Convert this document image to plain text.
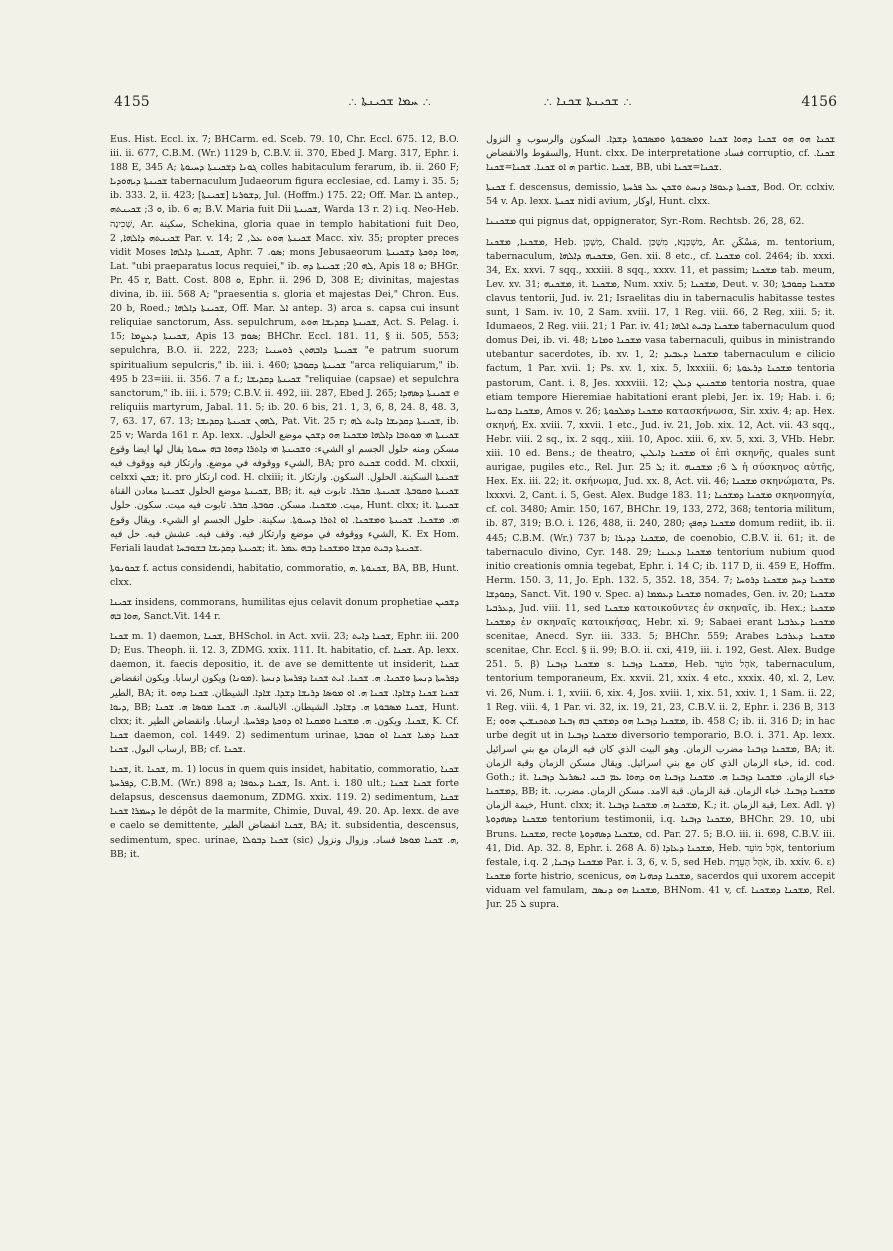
4155	∴ ܚܡܐ ܫܟܝܢܬܐ ∴	∴ ܫܟܝܢܬܐ ܫܟܢܐ ∴	4156

Eus. Hist. Eccl. ix. 7; BHCarm. ed. Sceb. 79. 10, Chr. Eccl. 675. 12, B.O. iii. ii. 677, C.B.M. (Wr.) 1129 b, C.B.V. ii. 370, Ebed J. Marg. 317, Ephr. i. 188 E, 345 A; ܓܘܢܐ ܕܫܟܝܢܬܐ ܕܚܝܘܬܐ colles habitaculum ferarum, ib. ii. 260 F; ܫܟܝܢܬܐ ܕܝܗܘܕܝܐ tabernaculum Judaeorum figura ecclesiae, cd. Lamy i. 35. 5; ib. 333. 2, ii. 423; [ܫܟܝܢܬܐ] ܕܫܘܪܝܐ, Jul. (Hoffm.) 175. 22; Off. Mar. ܠܐ antep., ܘ 3; ܫܟܝܢܬܗ, ib. ܗ 6; B.V. Maria fuit Dii ܫܟܝܢܬܐ, Warda 13 r. 2) i.q. Neo-Heb. שְׁכִינָה, Ar. سكينة, Schekina, gloria quae in templo habitationi fuit Deo, ܫܟܝܢܬܗ ܕܐܠܗܐ, 2 Par. v. 14; ܫܟܝܢܬܐ ܗܘܬ ܥܠ, 2 Macc. xiv. 35; propter preces vidit Moses ܫܟܝܢܬܐ ܕܐܠܗܐ, Aphr. ܣܘ. 7; mons Jebusaeorum ܗܘܐ ܕܘܟܬܐ ܕܫܟܝܢܬܐ, Lat. "ubi praeparatus locus requiei," ib. ܠܗ 20; ܫܟܝܢܬܐ ܕܗ, Apis ܘ 18; BHGr. Pr. 45 r, Batt. Cost. ܘ 808, Ephr. ii. 296 D, 308 E; divinitas, majestas divina, ib. iii. 568 A; "praesentia s. gloria et majestas Dei," Chron. Eus. 20 b, Roed.; ܫܟܝܢܬܐ ܕܐܠܗܐ, Off. Mar. ܐܠ antep. 3) arca s. capsa cui insunt reliquiae sanctorum, Ass. sepulchrum, ܫܟܝܢܬܐ ܕܩܕܝܫܐ ܗܘܬ, Act. S. Pelag. i. 15; ܫܟܝܢܬܐ ܕܥܨܡܐ, Apis ܣܘܡ 13; BHChr. Eccl. 181. 11, § ii. 505, 553; sepulchra, B.O. ii. 222, 223; ܫܟܝܢܬܐ ܕܐܒܗܬܢ ܪܘܚܢܝܐ "e patrum suorum spiritualium sepulcris," ib. iii. i. 460; ܫܟܝܢܬܐ ܕܩܘܒܬܐ "arca reliquiarum," ib. 495 b 23=iii. ii. 356. 7 a f.; ܫܟܝܢܬܐ ܕܩܕܝܫܐ "reliquiae (capsae) et sepulchra sanctorum," ib. iii. i. 579; C.B.V. ii. 492, iii. 287, Ebed J. 265; ܫܟܝܢܬܐ ܕܣܗܕܐ e reliquiis martyrum, Jabal. 11. 5; ib. 20. 6 bis, 21. 1, 3, 6, 8, 24. 8, 48. 3, 7, 63. 17, 67. 13; ܠܗܘܢ ܫܟܝܢܬܐ ܕܩܕܝܫܐ, Pat. Vit. 25 r; ܫܟܝܢܬܐ ܕܩܕܝܫܐ ܕܐܝܬ ܠܗ, ib. 25 v; Warda 161 r. Ap. lexx. ܫܟܝܢܬܐ ܗܝ ܡܘܬܒܐ ܕܐܠܗܐ ܡܫܟܢܐ ܗܘ ܕܫܟܢ موضع الحلول. مسكن ومنه حلول الجسم او الشيء: ܘܫܟܝܢܬܐ ܗܝ ܕܐܬܪܐ ܕܗܘܐ ܒܗ ܚܝܘܬܐ يقال لها ايضا وقوع الشيء ووقوفه في موضع. وارتكاز فيه ووقوف فيه, BA; pro ܫܟܢܬ codd. M. clxxii, celxxi ܫܟܢ; it. pro ارتكاز cod. H. clxiii; it. ܫܟܝܢܬܐ السكينة. الحلول. السكون. وارتكاز ܫܟܝܢܬܐ موضع الحلول ܫܟܝܢܬܐ معادن القناة, BB; it. ܫܟܝܢܬܐ ܘܩܘܒܬܐ. ܫܟܝܢܬܐ. ܩܒܪܐ. تابوت فيه ميت. ܡܫܟܢܐ. مسكن. ܩܘܒܬܐ. ܩܒܪ. تابوت فيه ميت. سكون. حلول, Hunt. clxx; it. ܫܟܝܢܬܐ ܗܝ. ܡܫܟܢܐ. ܫܟܝܢܬܐ ܘܡܫܟܢܐ. ܐܘ ܐܬܪܐ ܕܚܝܘܬܐ. سكينة. حلول الجسم او الشيء. ويقال وقوع الشيء ووقوفه في موضع وارتكاز فيه. وقف فيه. عشش فيه. حل فيه, K. Ex Hom. Feriali laudat ܫܟܝܢܬܐ ܕܩܕܝܫܐ ܒܫܘܒܚܐ; it. ܫܟܝܢܬܐ ܕܒܝܬ ܩܕܫܐ ܘܡܫܟܢܐ ܕܒܗ ܥܡܪ.

ܫܟܘܢܘܬܐ f. actus considendi, habitatio, commoratio, ܫܟܢܘܬܐ .ܗ, BA, BB, Hunt. clxx.

ܫܟܝܢܐ insidens, commorans, humilitas ejus celavit donum prophetiae ܕܫܟܝܢ ܗܘܐ ܒܗ, Sanct.Vit. 144 r.

ܫܟܢܐ m. 1) daemon, ܫܟܢܐ, BHSchol. in Act. xvii. 23; ܫܟܢܐ ܕܐܝܬ, Ephr. iii. 200 D; Eus. Theoph. ii. 12. 3, ZDMG. xxix. 111. It. habitatio, cf. ܫܟܢܐ. Ap. lexx. daemon, it. faecis depositio, it. de ave se demittente ut insiderit, ܫܟܢܐ ܕܦܪܚܬܐ ܕܢܚܬܐ ܘܫܟܢܐ. ܗ. ܫܟܢܐ. ܐܝܬ ܫܟܢܐ ܕܦܪܚܬܐ ܕܢܚܬܐ .(ܡܘܢܐ) ويكون ارسابا. ويكون انقضاض الطير, BA; it. ܫܟܢܐ ܫܟܢܐ ܕܫܐܕܐ. ܫܟܢܐ ܗ. ܐܘ ܡܘܣܐ ܕܪܝܫܐ ܕܫܕܐ. ܫܐܕܐ. الشيطان. ܫܟܢܐ ܕܗܘ ܕܝܘܐ, BB; ܫܟܢܐ ܡܣܒܘܬܐ ܗ. ܕܫܐܕܐ. الشيطان. الابالسة. ܗ. ܫܟܢܐ ܡܘܣܐ ܗ. ܫܟܢܐ, Hunt. clxx; it. ܫܟܢܐ. ويكون. ܗ. ܡܫܟܢܐ ܘܡܩܢܐ ܐܘ ܕܘܟܬܐ ܕܦܪܚܬܐ. ارسابا. وانقضاض الطير, K. Cf. ܫܟܢܐ daemon, col. 1449. 2) sedimentum urinae, ܫܟܢܐ ܕܡܝܐ ܫܟܢܐ ܐܘ ܩܘܒܬܐ ارساب البول. ܫܟܢܐ, BB; cf. ܫܟܢܐ.

ܫܟܢܐ, it. ܫܟܢܐ, m. 1) locus in quem quis insidet, habitatio, commoratio, ܫܟܢܐ ܕܦܪܚܬܐ, C.B.M. (Wr.) 898 a; ܫܟܢܐ ܕܥܘܦܐ, Is. Ant. i. 180 ult.; ܫܟܢܐ ܫܟܢܐ forte delapsus, descensus daemonum, ZDMG. xxix. 119. 2) sedimentum, ܫܟܢܐ ܕܚܡܪܐ ܫܟܢܐ le dépôt de la marmite, Chimie, Duval, 49. 20. Ap. lexx. de ave e caelo se demittente, ܫܟܢܐ انقضاض الطير, BA; it. subsidentia, descensus, sedimentum, spec. urinae, ܫܟܢܐ ܕܒܘܠܐ (sic) ܗ. ܫܟܢܐ ܡܘܣܐ فساد. وزوال ونزول, BB; it.

ܫܟܢܐ ܗܘ ܗܘ ܫܟܢܐ ܕܗܘܐ ܫܟܢܐ ܘܡܣܒܘܬܐ ܘܡܣܒܘܬܐ ܕܫܕܐ. السكون والرسوب وِ النزول والسقوط والانقضاض, Hunt. clxx. De interpretatione فساد corruptio, cf. ܫܟܢܐ. ܗ ܐܘ ܫܟܢܐ. ܫܟܢܐ=ܫܟܢܐ partic. ܫܟܢܐ, BB, ubi ܫܟܢܐ=ܫܟܢܐ.

ܫܟܢܬܐ f. descensus, demissio, ܫܟܢܬܐ ܕܥܘܦܐ ܕܢܚܬ ܘܫܟܢ ܥܠ ܦܪܚܬܐ, Bod. Or. cclxiv. 54 v. Ap. lexx. ܫܟܢܬܐ nidi avium, اوكار, Hunt. clxx.

ܡܫܟܢܢܐ qui pignus dat, oppignerator, Syr.-Rom. Rechtsb. 26, 28, 62.

ܡܫܟܢܐ, ܡܫܟܢܐ, Heb. מִשְׁכָּן, Chald. מַשְׁכְּנָא, מִשְׁכַּן, Ar. مَسْكَن, m. tentorium, tabernaculum, ܡܫܟܢܗ ܕܐܠܗܐ, Gen. xii. 8 etc., cf. ܡܫܟܢܐ col. 2464; ib. xxxi. 34, Ex. xxvi. 7 sqq., xxxiii. 8 sqq., xxxv. 11, et passim; ܡܫܟܢܐ tab. meum, Lev. xv. 31; ܡܫܟܢܗ, it. ܡܫܟܢܐ, Num. xxiv. 5; ܡܫܟܢܐ, Deut. v. 30; ܡܫܟܢܐ ܕܩܘܒܬܐ clavus tentorii, Jud. iv. 21; Israelitas diu in tabernaculis habitasse testes sunt, 1 Sam. iv. 10, 2 Sam. xviii. 17, 1 Reg. viii. 66, 2 Reg. xiii. 5; it. Idumaeos, 2 Reg. viii. 21; 1 Par. iv. 41; ܡܫܟܢܐ ܕܒܝܬ ܐܠܗܐ tabernaculum quod domus Dei, ib. vi. 48; ܡܫܟܢܐ ܘܡܐܢܐ vasa tabernaculi, quibus in ministrando utebantur sacerdotes, ib. xv. 1, 2; ܡܫܟܢܐ ܕܥܒܝܕ tabernaculum e cilicio factum, 1 Par. xvii. 1; Ps. xv. 1, xix. 5, lxxxiii. 6; ܡܫܟܢܐ ܕܪܥܘܬܐ tentoria pastorum, Cant. i. 8, Jes. xxxviii. 12; ܡܫܟܢܝܢ ܕܝܠܢ tentoria nostra, quae etiam tempore Hieremiae habitationi erant plebi, Jer. ix. 19; Hab. i. 6; ܡܫܟܢܐ ܕܒܘܢܝܐ, Amos v. 26; ܡܫܟܢܐ ܕܡܠܟܘܬܐ κατασκήνωσα, Sir. xxiv. 4; ap. Hex. σκηνή, Ex. xviii. 7, xxvii. 1 etc., Jud. iv. 21, Job. xix. 12, Act. vii. 43 sqq., Hebr. viii. 2 sq., ix. 2 sqq., xiii. 10, Apoc. xiii. 6, xv. 5, xxi. 3, VHb. Hebr. xiii. 10 ed. Bens.; de theatro, ܡܫܟܢܐ ܕܐܝܠܝܢ οἱ ἐπὶ σκηνῆς, quales sunt aurigae, pugiles etc., Rel. Jur. ܠ 25; it. ܠ 6; ܡܫܟܢܗ ἡ σύσκηνος αὐτῆς, Hex. Ex. iii. 22; it. σκήνωμα, Jud. xx. 8, Act. vii. 46; ܡܫܟܢܐ σκηνώματα, Ps. lxxxvi. 2, Cant. i. 5, Gest. Alex. Budge 183. 11; ܡܫܟܢܐ ܕܡܫܟܢܐ σκηνοπηγία, cf. col. 3480; Amir. 150, 167, BHChr. 19, 133, 272, 368; tentoria militum, ib. 87, 319; B.O. i. 126, 488, ii. 240, 280; ܡܫܟܢܐ ܕܗܦܟ domum rediit, ib. ii. 445; C.B.M. (Wr.) 737 b; ܡܫܟܢܐ ܕܕܝܪܐ, de coenobio, C.B.V. ii. 61; it. de tabernaculo divino, Cyr. 148. 29; ܡܫܟܢܐ ܕܥܢܢܐ tentorium nubium quod initio creationis omnia tegebat, Ephr. i. 14 C; ib. 117 D, ii. 459 E, Hoffm. Herm. 150. 3, 11, Jo. Eph. 132. 5, 352. 18, 354. 7; ܡܫܟܢܐ ܕܚܕ ܡܫܟܢܐ ܕܪܘܚܐ ܕܩܘܕܫܐ, Sanct. Vit. 190 v. Spec. a) ܡܫܟܢܐ ܕܥܡܡܐ nomades, Gen. iv. 20; ܡܫܟܢܐ ܕܥܪܒܝܐ, Jud. viii. 11, sed ܡܫܟܢܐ κατοικοῦντες ἐν σκηναῖς, ib. Hex.; ܡܫܟܢܐ ܕܡܫܟܢܐ ἐν σκηναῖς κατοικήσας, Hebr. xi. 9; Sabaei erant ܡܫܟܢܐ ܕܥܪܒܝܐ scenitae, Anecd. Syr. iii. 333. 5; BHChr. 559; Arabes ܡܫܟܢܐ ܕܥܪܒܝܐ scenitae, Chr. Eccl. § ii. 99; B.O. ii. cxi, 419, iii. i. 192, Gest. Alex. Budge 251. 5. β) ܡܫܟܢܐ ܕܙܒܢܐ s. ܡܫܟܢܐ ܕܙܒܢܐ, Heb. אֹהֶל מוֹעֵד, tabernaculum, tentorium temporaneum, Ex. xxvii. 21, xxix. 4 etc., xxxix. 40, xl. 2, Lev. vi. 26, Num. i. 1, xviii. 6, xix. 4, Jos. xviii. 1, xix. 51, xxiv. 1, 1 Sam. ii. 22, 1 Reg. viii. 4, 1 Par. vi. 32, ix. 19, 21, 23, C.B.V. ii. 2, Ephr. i. 236 B, 313 E; ܡܫܟܢܐ ܕܙܒܢܐ ܗܘ ܕܡܫܟܢ ܒܗ ܙܒܢܐ ܡܬܟܢܫܝܢ ܗܘܘ, ib. 458 C; ib. ii. 316 D; in hac urbe degit ut in ܡܫܟܢܐ ܕܙܒܢܐ diversorio temporario, B.O. i. 371. Ap. lexx. ܡܫܟܢܐ ܕܙܒܢܐ مضرب الزمان. وهو البيت الذي كان فيه الزمان مع بني اسرائيل, BA; it. خباء الزمان الذي كان مع بني اسرائيل. ويقال مسكن الزمان وقبة الزمان, id. cod. Goth.; it. خباء الزمان. ܡܫܟܢܐ ܕܙܒܢܐ ܗ. ܡܫܟܢܐ ܕܙܒܢܐ ܗܘ ܕܗܘܐ ܥܡ ܒܢܝ ܐܝܣܪܝܠ ܕܙܒܢܐ ܕܡܫܟܢܐ, BB; it. ܡܫܟܢܐ ܕܙܒܢܐ. خباء الزمان. قبة الزمان. قبة الامد. مسكن الزمان. مضرب. خيمة الزمان, Hunt. clxx; it. ܡܫܟܢܐ ܗ. ܡܫܟܢܐ ܕܙܒܢܐ, K.; it. قبة الزمان, Lex. Adl. γ) ܡܫܟܢܐ ܕܣܗܕܘܬܐ tentorium testimonii, i.q. ܡܫܟܢܐ ܕܙܒܢܐ, BHChr. 29. 10, ubi Bruns. ܡܫܟܢܐ, recte ܡܫܟܢܐ ܕܣܗܕܘܬܐ, cd. Par. 27. 5; B.O. iii. ii. 698, C.B.V. iii. 41, Did. Ap. 32. 8, Ephr. i. 268 A. δ) ܡܫܟܢܐ ܕܥܐܕܐ, Heb. אֹהֶל מוֹעֵד, tentorium festale, i.q. ܡܫܟܢܐ ܕܙܒܢܐ, 2 Par. i. 3, 6, v. 5, sed Heb. אֹהֶל הָעֵדֻת, ib. xxiv. 6. ε) ܡܫܟܢܐ forte histrio, scenicus, ܡܫܟܢܐ ܕܟܗܢܐ ܗܘ, sacerdos qui uxorem accepit viduam vel famulam, ܡܫܟܢܐ ܗܘ ܕܢܣܒ, BHNom. 41 v, cf. ܡܫܟܢܐ ܕܡܫܟܢܐ, Rel. Jur. ܠ 25 supra.
